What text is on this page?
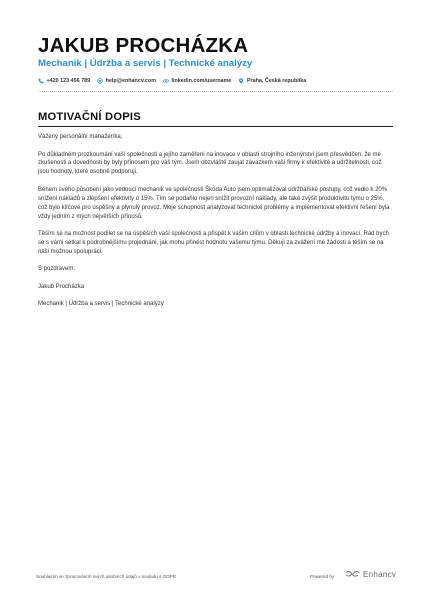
JAKUB PROCHÁZKA
Mechanik | Údržba a servis | Technické analýzy
+420 123 456 789	help@enhancv.com	linkedin.com/username	Praha, Česká republika
MOTIVAČNÍ DOPIS

Vážený personální manažer/ka,

Po důkladném prozkoumání vaší společnosti a jejího zaměření na inovace v oblasti strojního inženýrství jsem přesvědčen, že mé zkušenosti a dovednosti by byly přínosem pro váš tým. Jsem obzvláště zaujat závazkem vaší firmy k efektivitě a udržitelnosti, což jsou hodnoty, které osobně podporuji.

Během svého působení jako vedoucí mechanik ve společnosti Škoda Auto jsem optimalizoval údržbářské postupy, což vedlo k 20% snížení nákladů a zlepšení efektivity o 15%. Tím se podařilo nejen snížit provozní náklady, ale také zvýšit produktivitu týmu o 25%, což bylo klíčové pro úspěšný a plynulý provoz. Moje schopnost analyzovat technické problémy a implementovat efektivní řešení byla vždy jedním z mých největších přínosů.

Těším se na možnost podílet se na úspěších vaší společnosti a přispět k vašim cílům v oblasti technické údržby a inovací. Rád bych se s vámi setkal k podrobnějšímu projednání, jak mohu přinést hodnotu vašemu týmu. Děkuji za zvážení mé žádosti a těším se na naši možnou spolupráci.

S pozdravem,

Jakub Procházka

Mechanik | Údržba a servis | Technické analýzy

Souhlasím se zpracováním svých osobních údajů v souladu s GDPR	Powered by	Enhancv
